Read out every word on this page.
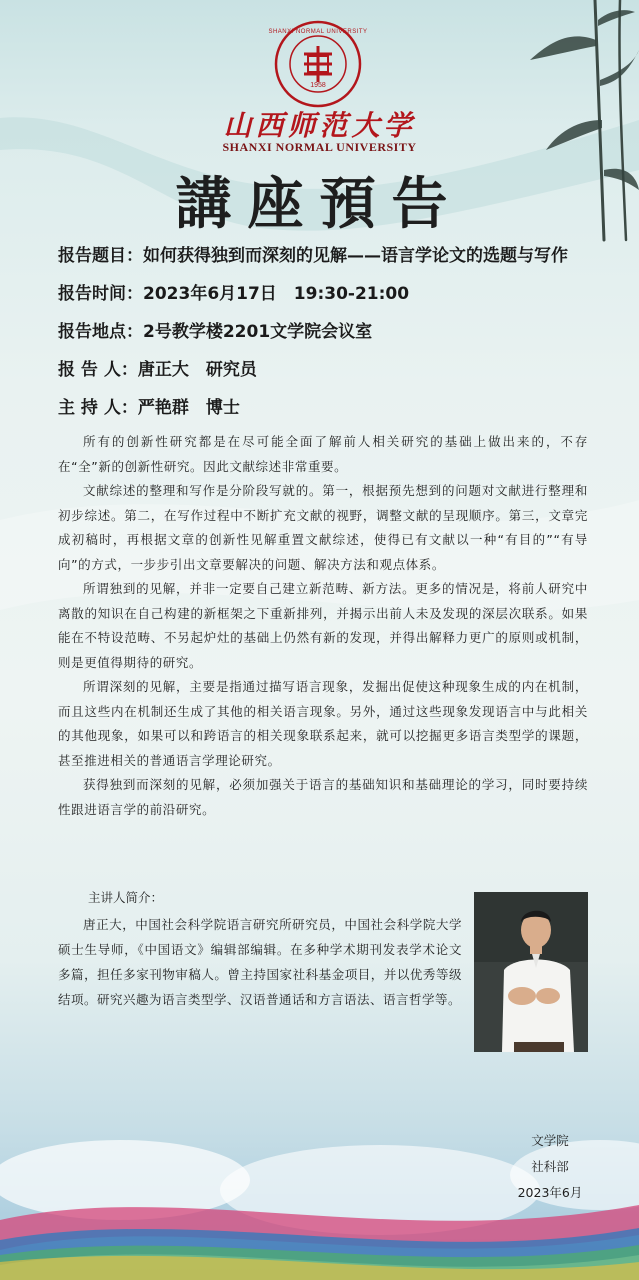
1958
SHANXI NORMAL UNIVERSITY
山西师范大学
SHANXI NORMAL UNIVERSITY
講座預告
报告题目：如何获得独到而深刻的见解——语言学论文的选题与写作
报告时间：2023年6月17日　19:30-21:00
报告地点：2号教学楼2201文学院会议室
报 告 人：唐正大　研究员
主 持 人：严艳群　博士

所有的创新性研究都是在尽可能全面了解前人相关研究的基础上做出来的，不存在“全”新的创新性研究。因此文献综述非常重要。

文献综述的整理和写作是分阶段写就的。第一，根据预先想到的问题对文献进行整理和初步综述。第二，在写作过程中不断扩充文献的视野，调整文献的呈现顺序。第三，文章完成初稿时，再根据文章的创新性见解重置文献综述，使得已有文献以一种“有目的”“有导向”的方式，一步步引出文章要解决的问题、解决方法和观点体系。

所谓独到的见解，并非一定要自己建立新范畴、新方法。更多的情况是，将前人研究中离散的知识在自己构建的新框架之下重新排列，并揭示出前人未及发现的深层次联系。如果能在不特设范畴、不另起炉灶的基础上仍然有新的发现，并得出解释力更广的原则或机制，则是更值得期待的研究。

所谓深刻的见解，主要是指通过描写语言现象，发掘出促使这种现象生成的内在机制，而且这些内在机制还生成了其他的相关语言现象。另外，通过这些现象发现语言中与此相关的其他现象，如果可以和跨语言的相关现象联系起来，就可以挖掘更多语言类型学的课题，甚至推进相关的普通语言学理论研究。

获得独到而深刻的见解，必须加强关于语言的基础知识和基础理论的学习，同时要持续性跟进语言学的前沿研究。

主讲人简介：
唐正大，中国社会科学院语言研究所研究员，中国社会科学院大学硕士生导师，《中国语文》编辑部编辑。在多种学术期刊发表学术论文多篇，担任多家刊物审稿人。曾主持国家社科基金项目，并以优秀等级结项。研究兴趣为语言类型学、汉语普通话和方言语法、语言哲学等。
文学院
社科部
2023年6月
